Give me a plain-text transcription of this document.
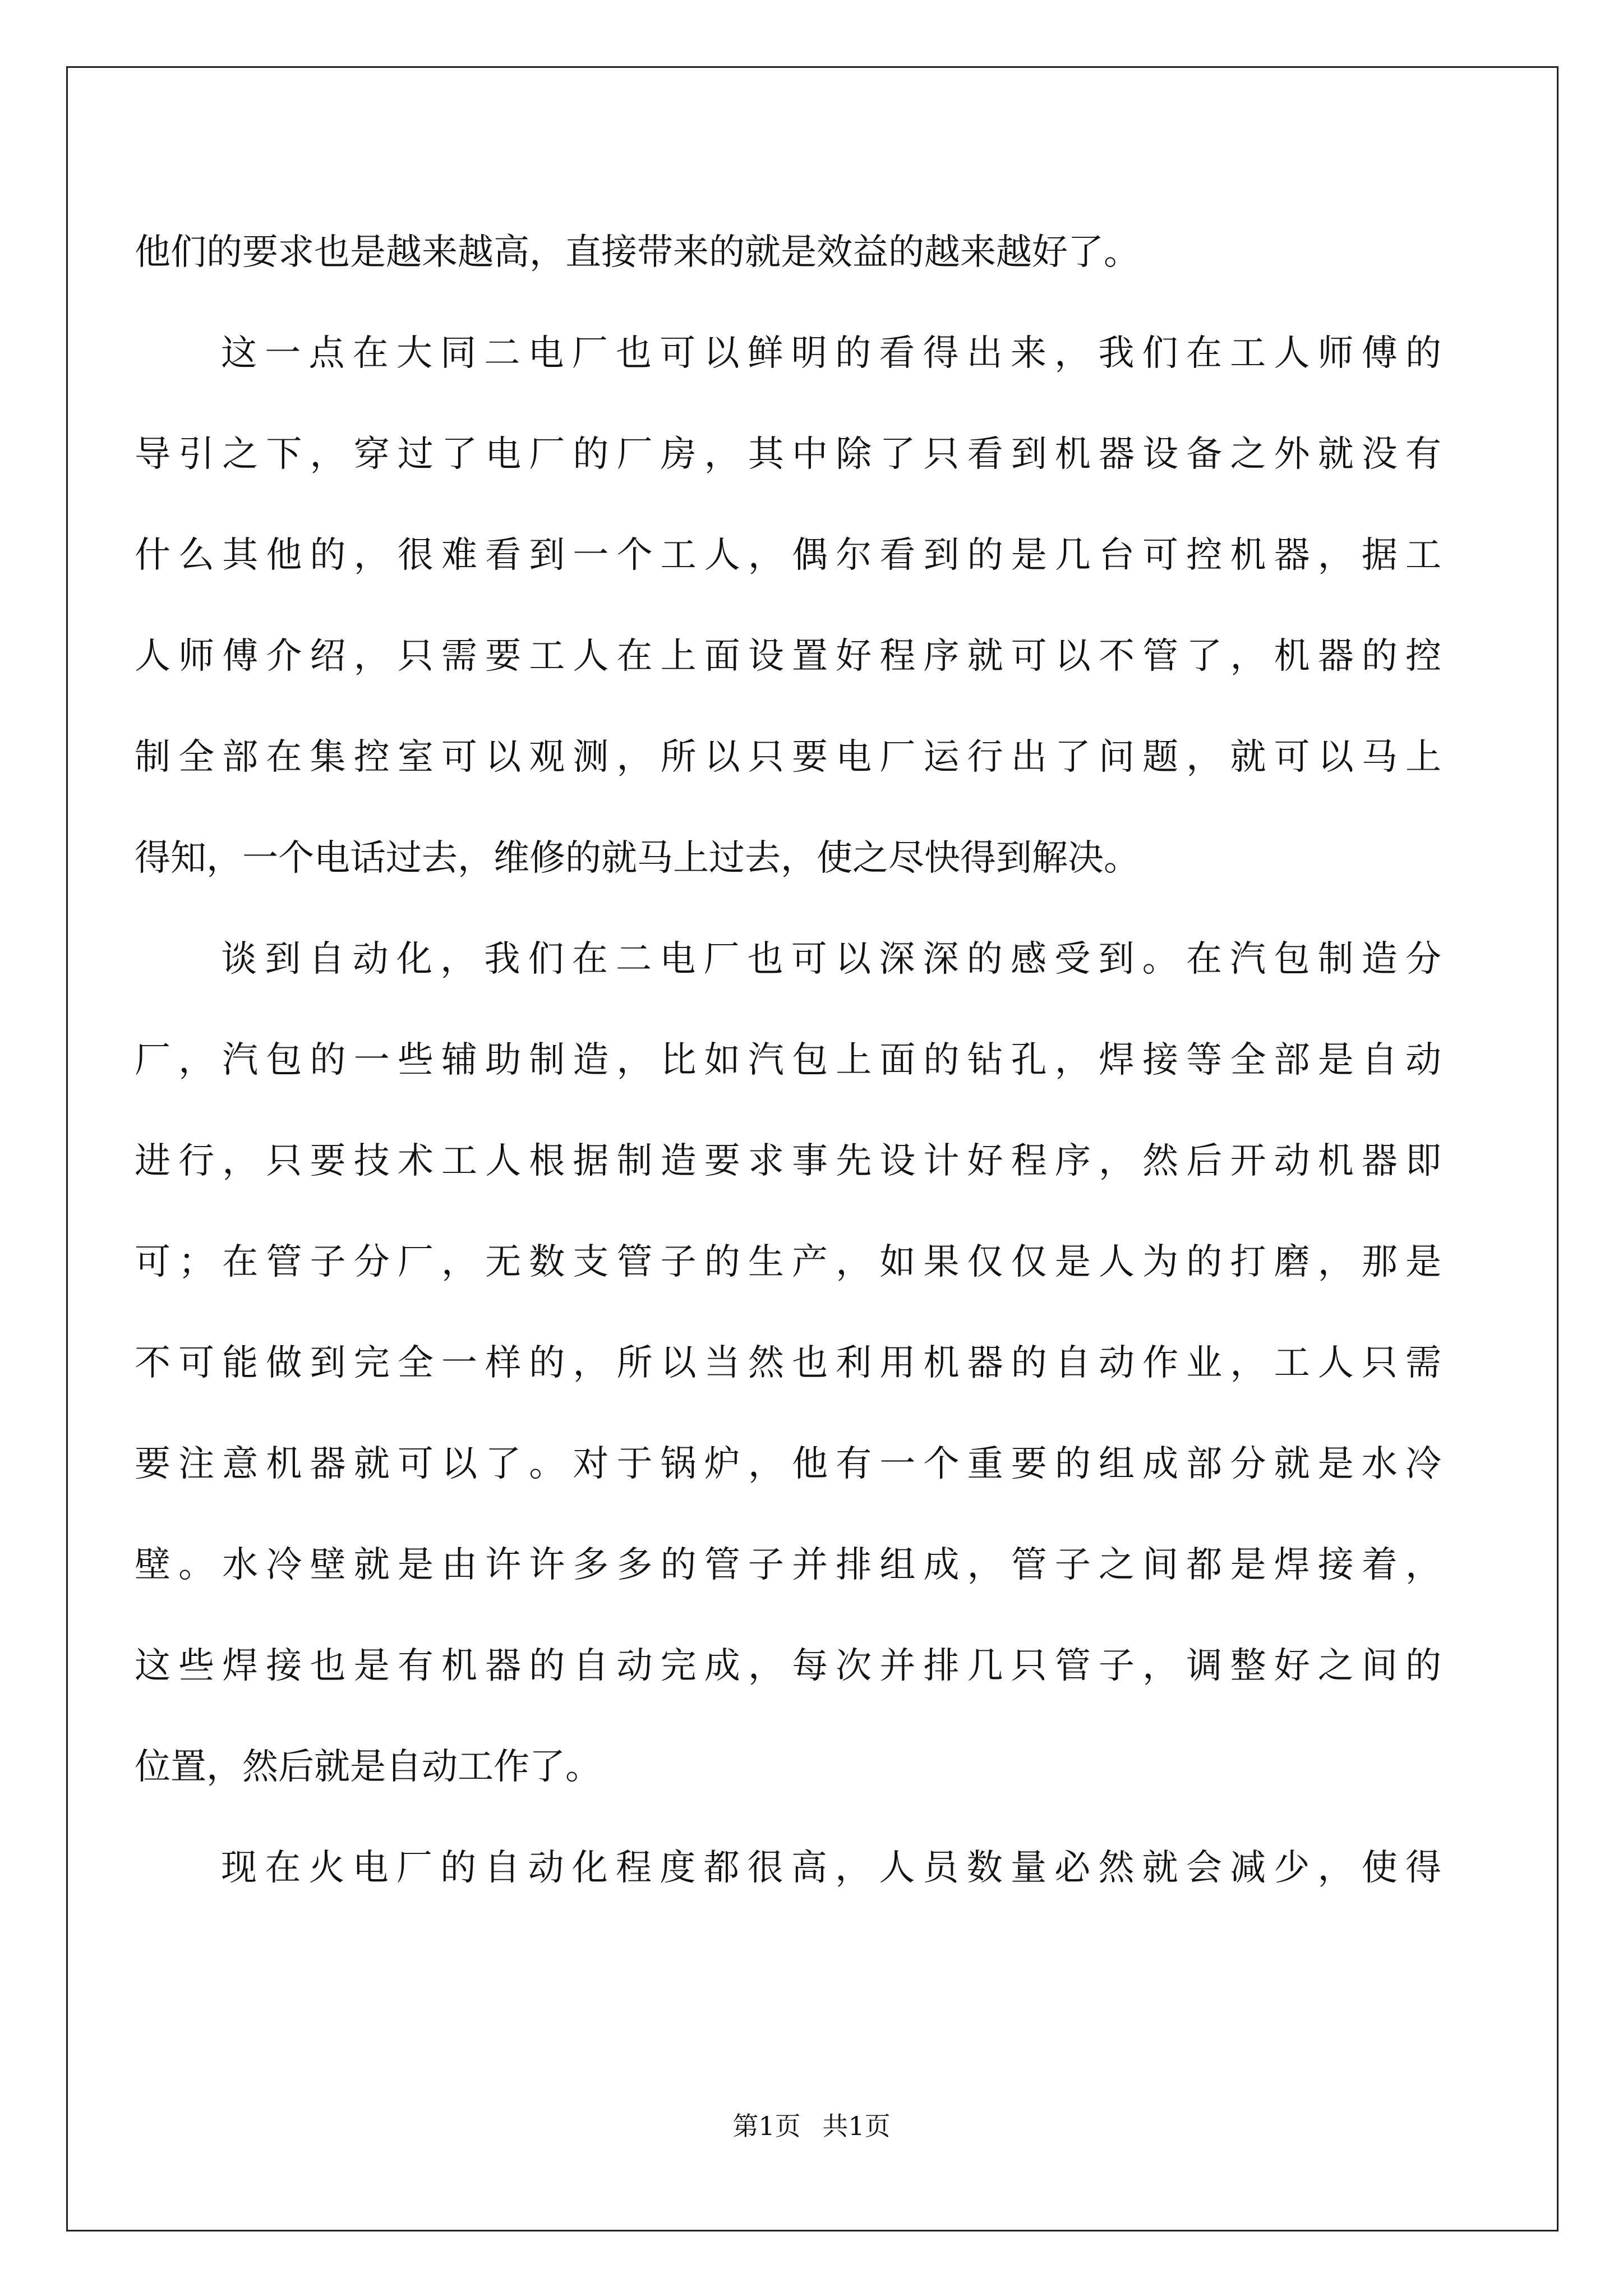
他们的要求也是越来越高，直接带来的就是效益的越来越好了。
这一点在大同二电厂也可以鲜明的看得出来，我们在工人师傅的
导引之下，穿过了电厂的厂房，其中除了只看到机器设备之外就没有
什么其他的，很难看到一个工人，偶尔看到的是几台可控机器，据工
人师傅介绍，只需要工人在上面设置好程序就可以不管了，机器的控
制全部在集控室可以观测，所以只要电厂运行出了问题，就可以马上
得知，一个电话过去，维修的就马上过去，使之尽快得到解决。
谈到自动化，我们在二电厂也可以深深的感受到。在汽包制造分
厂，汽包的一些辅助制造，比如汽包上面的钻孔，焊接等全部是自动
进行，只要技术工人根据制造要求事先设计好程序，然后开动机器即
可；在管子分厂，无数支管子的生产，如果仅仅是人为的打磨，那是
不可能做到完全一样的，所以当然也利用机器的自动作业，工人只需
要注意机器就可以了。对于锅炉，他有一个重要的组成部分就是水冷
壁。水冷壁就是由许许多多的管子并排组成，管子之间都是焊接着，
这些焊接也是有机器的自动完成，每次并排几只管子，调整好之间的
位置，然后就是自动工作了。
现在火电厂的自动化程度都很高，人员数量必然就会减少，使得
第1页 共1页
